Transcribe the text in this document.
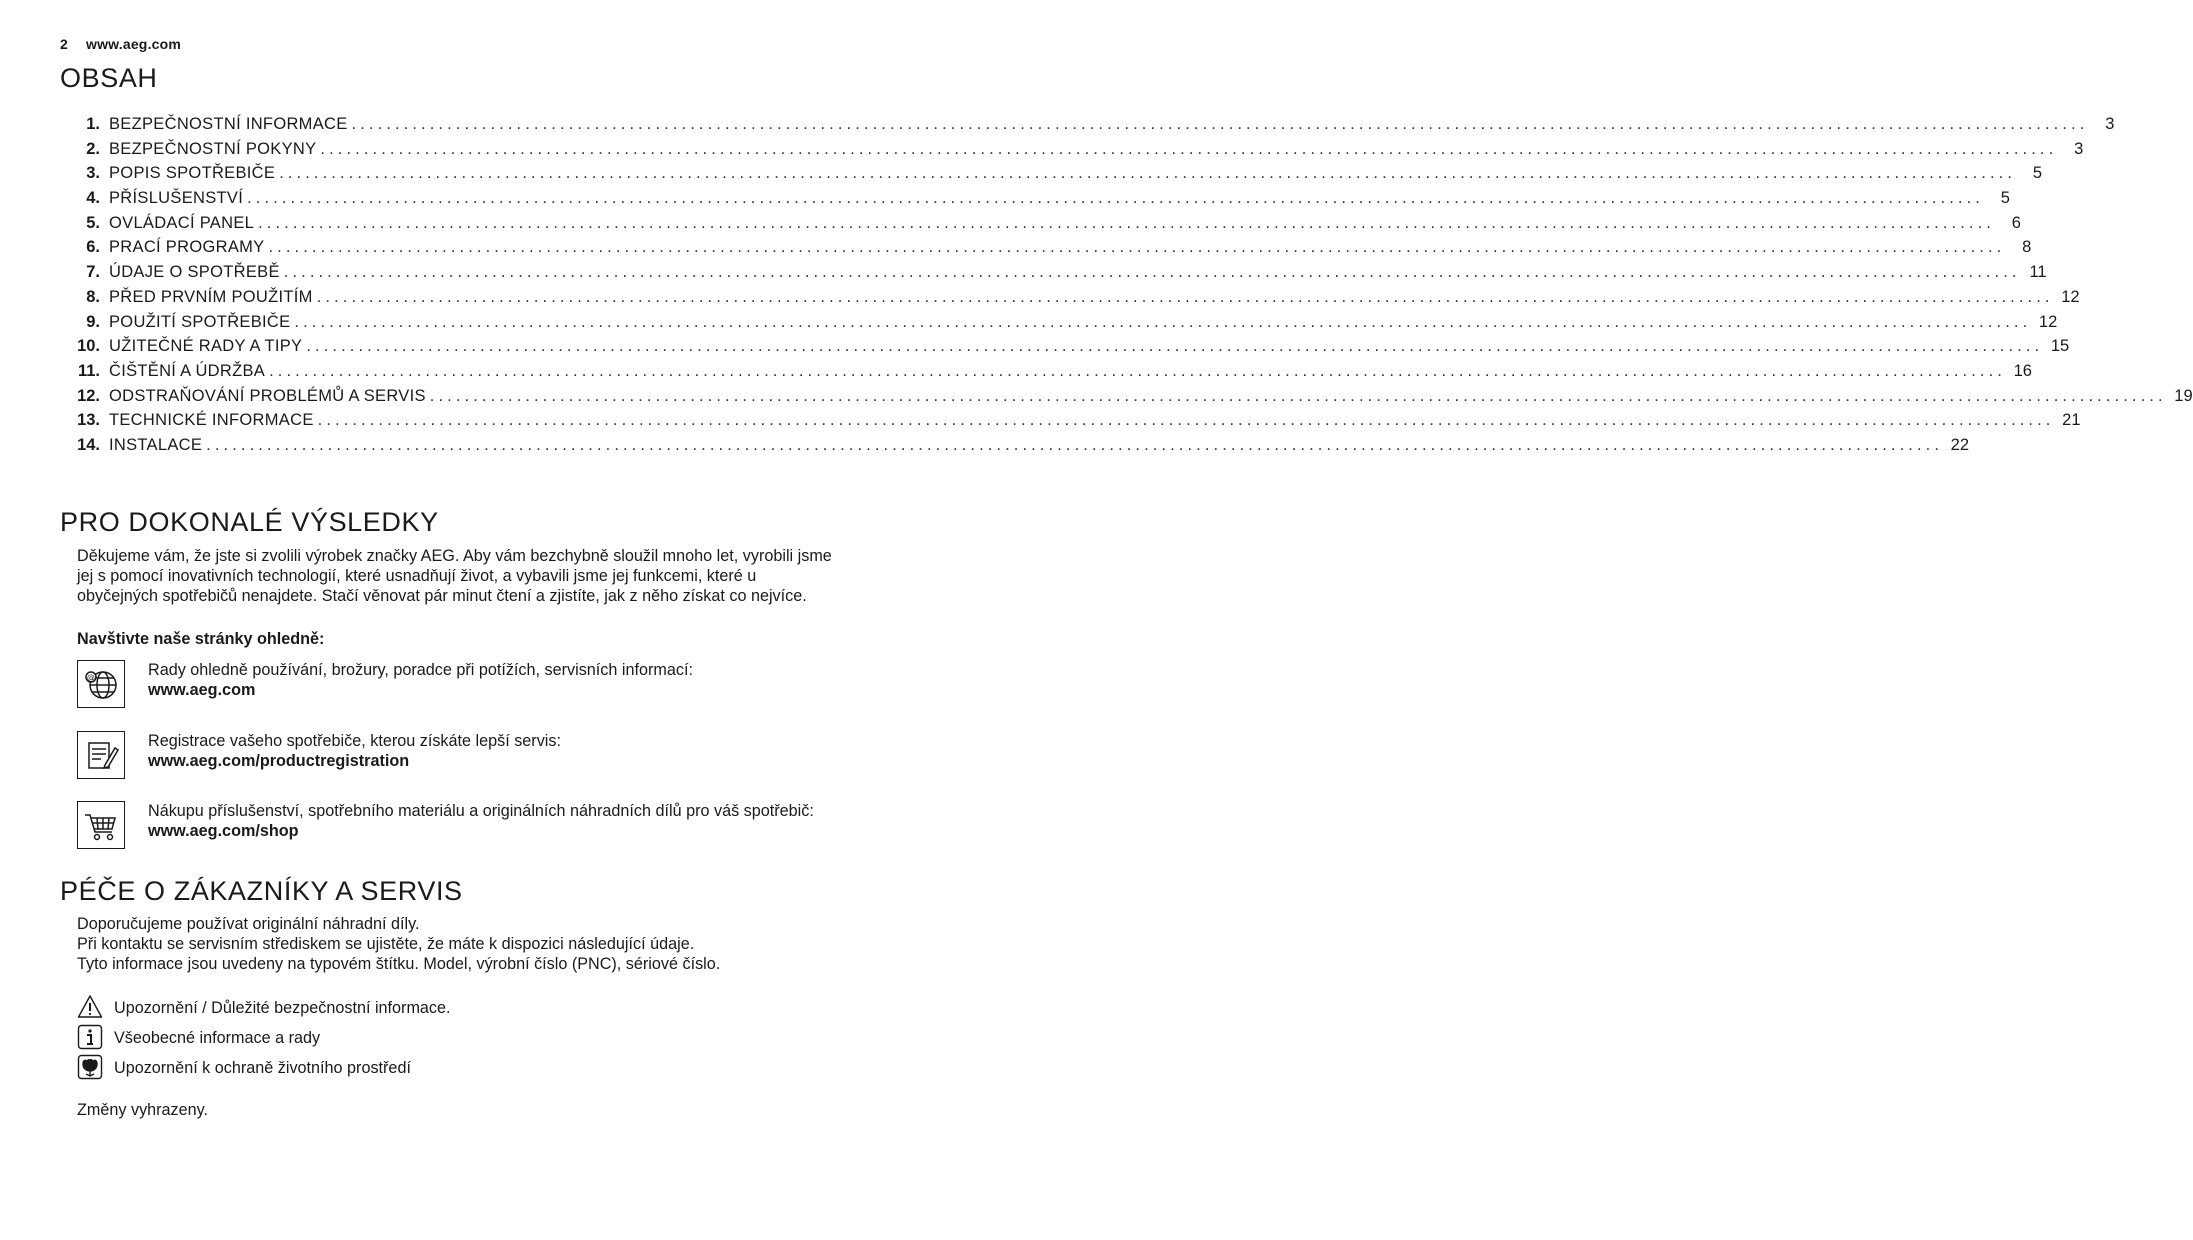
2 www.aeg.com
OBSAH
1. BEZPEČNOSTNÍ INFORMACE ........................................................................................................................................................................................................	3
2. BEZPEČNOSTNÍ POKYNY ........................................................................................................................................................................................................	3
3. POPIS SPOTŘEBIČE ........................................................................................................................................................................................................	5
4. PŘÍSLUŠENSTVÍ ........................................................................................................................................................................................................	5
5. OVLÁDACÍ PANEL ........................................................................................................................................................................................................	6
6. PRACÍ PROGRAMY ........................................................................................................................................................................................................	8
7. ÚDAJE O SPOTŘEBĚ ........................................................................................................................................................................................................ 11
8. PŘED PRVNÍM POUŽITÍM ........................................................................................................................................................................................................ 12
9. POUŽITÍ SPOTŘEBIČE ........................................................................................................................................................................................................ 12
10. UŽITEČNÉ RADY A TIPY ........................................................................................................................................................................................................ 15
11. ČIŠTĚNÍ A ÚDRŽBA ........................................................................................................................................................................................................ 16
12. ODSTRAŇOVÁNÍ PROBLÉMŮ A SERVIS ........................................................................................................................................................................................................ 19
13. TECHNICKÉ INFORMACE ........................................................................................................................................................................................................ 21
14. INSTALACE ........................................................................................................................................................................................................ 22
PRO DOKONALÉ VÝSLEDKY

Děkujeme vám, že jste si zvolili výrobek značky AEG. Aby vám bezchybně sloužil mnoho let, vyrobili jsme jej s pomocí inovativních technologií, které usnadňují život, a vybavili jsme jej funkcemi, které u obyčejných spotřebičů nenajdete. Stačí věnovat pár minut čtení a zjistíte, jak z něho získat co nejvíce.

Navštivte naše stránky ohledně:

@	Rady ohledně používání, brožury, poradce při potížích, servisních informací:
www.aeg.com
Registrace vašeho spotřebiče, kterou získáte lepší servis:
www.aeg.com/productregistration
Nákupu příslušenství, spotřebního materiálu a originálních náhradních dílů pro váš spotřebič:
www.aeg.com/shop
PÉČE O ZÁKAZNÍKY A SERVIS
Doporučujeme používat originální náhradní díly.
Při kontaktu se servisním střediskem se ujistěte, že máte k dispozici následující údaje.
Tyto informace jsou uvedeny na typovém štítku. Model, výrobní číslo (PNC), sériové číslo.
Upozornění / Důležité bezpečnostní informace.
Všeobecné informace a rady
Upozornění k ochraně životního prostředí

Změny vyhrazeny.
